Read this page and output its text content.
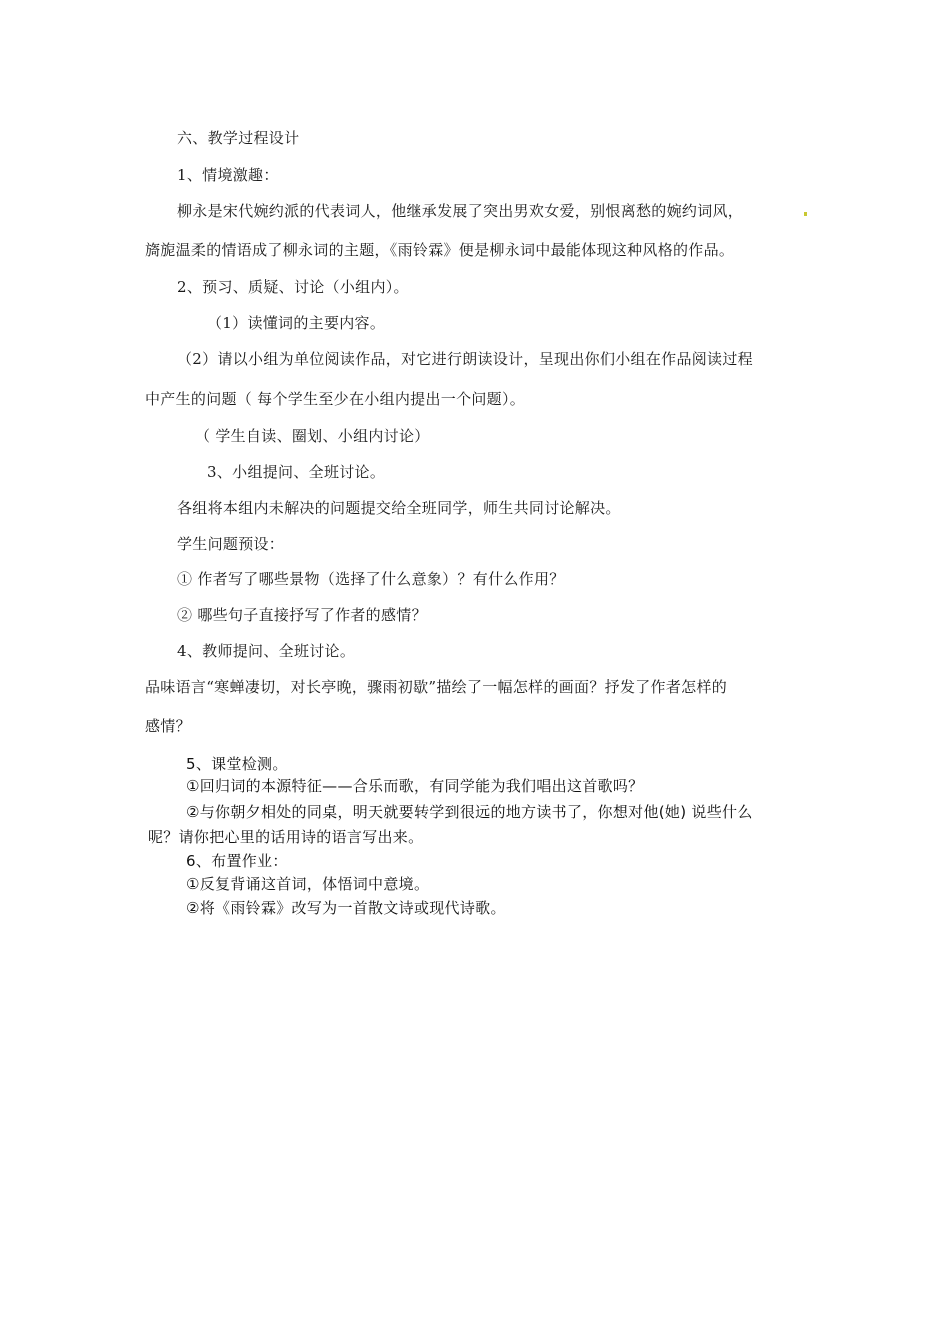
六、教学过程设计
1、情境激趣：
柳永是宋代婉约派的代表词人，他继承发展了突出男欢女爱，别恨离愁的婉约词风，
旖旎温柔的情语成了柳永词的主题，《雨铃霖》便是柳永词中最能体现这种风格的作品。
2、预习、质疑、讨论（小组内）。
（1）读懂词的主要内容。
（2）请以小组为单位阅读作品，对它进行朗读设计，呈现出你们小组在作品阅读过程
中产生的问题（ 每个学生至少在小组内提出一个问题）。
（ 学生自读、圈划、小组内讨论）
3、小组提问、全班讨论。
各组将本组内未解决的问题提交给全班同学，师生共同讨论解决。
学生问题预设：
① 作者写了哪些景物（选择了什么意象）？有什么作用？
② 哪些句子直接抒写了作者的感情？
4、教师提问、全班讨论。
品味语言“寒蝉凄切，对长亭晚，骤雨初歇”描绘了一幅怎样的画面？抒发了作者怎样的
感情？
5、课堂检测。
①回归词的本源特征——合乐而歌，有同学能为我们唱出这首歌吗？
②与你朝夕相处的同桌，明天就要转学到很远的地方读书了，你想对他(她) 说些什么
呢？请你把心里的话用诗的语言写出来。
6、布置作业：
①反复背诵这首词，体悟词中意境。
②将《雨铃霖》改写为一首散文诗或现代诗歌。
